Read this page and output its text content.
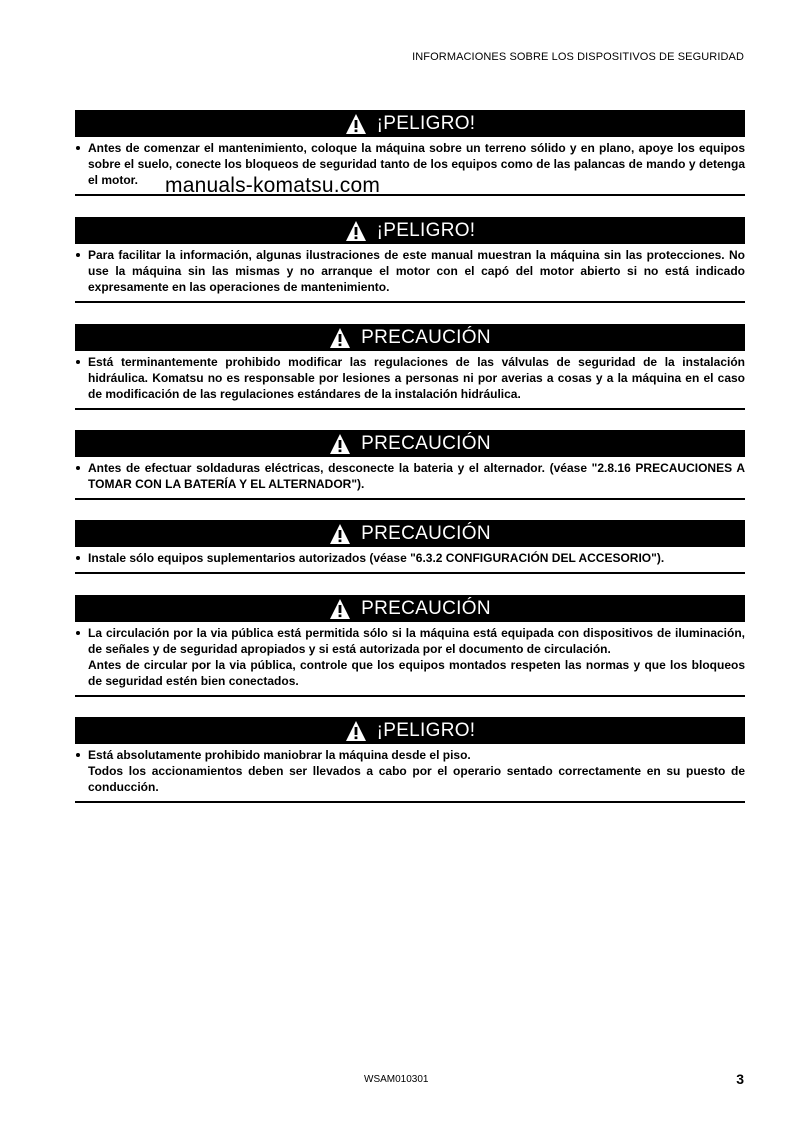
INFORMACIONES SOBRE LOS DISPOSITIVOS DE SEGURIDAD
¡PELIGRO!

Antes de comenzar el mantenimiento, coloque la máquina sobre un terreno sólido y en plano, apoye los equipos sobre el suelo, conecte los bloqueos de seguridad tanto de los equipos como de las palancas de mando y detenga el motor.

¡PELIGRO!

Para facilitar la información, algunas ilustraciones de este manual muestran la máquina sin las protecciones. No use la máquina sin las mismas y no arranque el motor con el capó del motor abierto si no está indicado expresamente en las operaciones de mantenimiento.

PRECAUCIÓN

Está terminantemente prohibido modificar las regulaciones de las válvulas de seguridad de la instalación hidráulica. Komatsu no es responsable por lesiones a personas ni por averias a cosas y a la máquina en el caso de modificación de las regulaciones estándares de la instalación hidráulica.

PRECAUCIÓN

Antes de efectuar soldaduras eléctricas, desconecte la bateria y el alternador. (véase "2.8.16 PRECAUCIONES A TOMAR CON LA BATERÍA Y EL ALTERNADOR").

PRECAUCIÓN

Instale sólo equipos suplementarios autorizados (véase "6.3.2 CONFIGURACIÓN DEL ACCESORIO").

PRECAUCIÓN

La circulación por la via pública está permitida sólo si la máquina está equipada con dispositivos de iluminación, de señales y de seguridad apropiados y si está autorizada por el documento de circulación.

Antes de circular por la via pública, controle que los equipos montados respeten las normas y que los bloqueos de seguridad estén bien conectados.

¡PELIGRO!

Está absolutamente prohibido maniobrar la máquina desde el piso.

Todos los accionamientos deben ser llevados a cabo por el operario sentado correctamente en su puesto de conducción.

manuals-komatsu.com
WSAM010301	3
